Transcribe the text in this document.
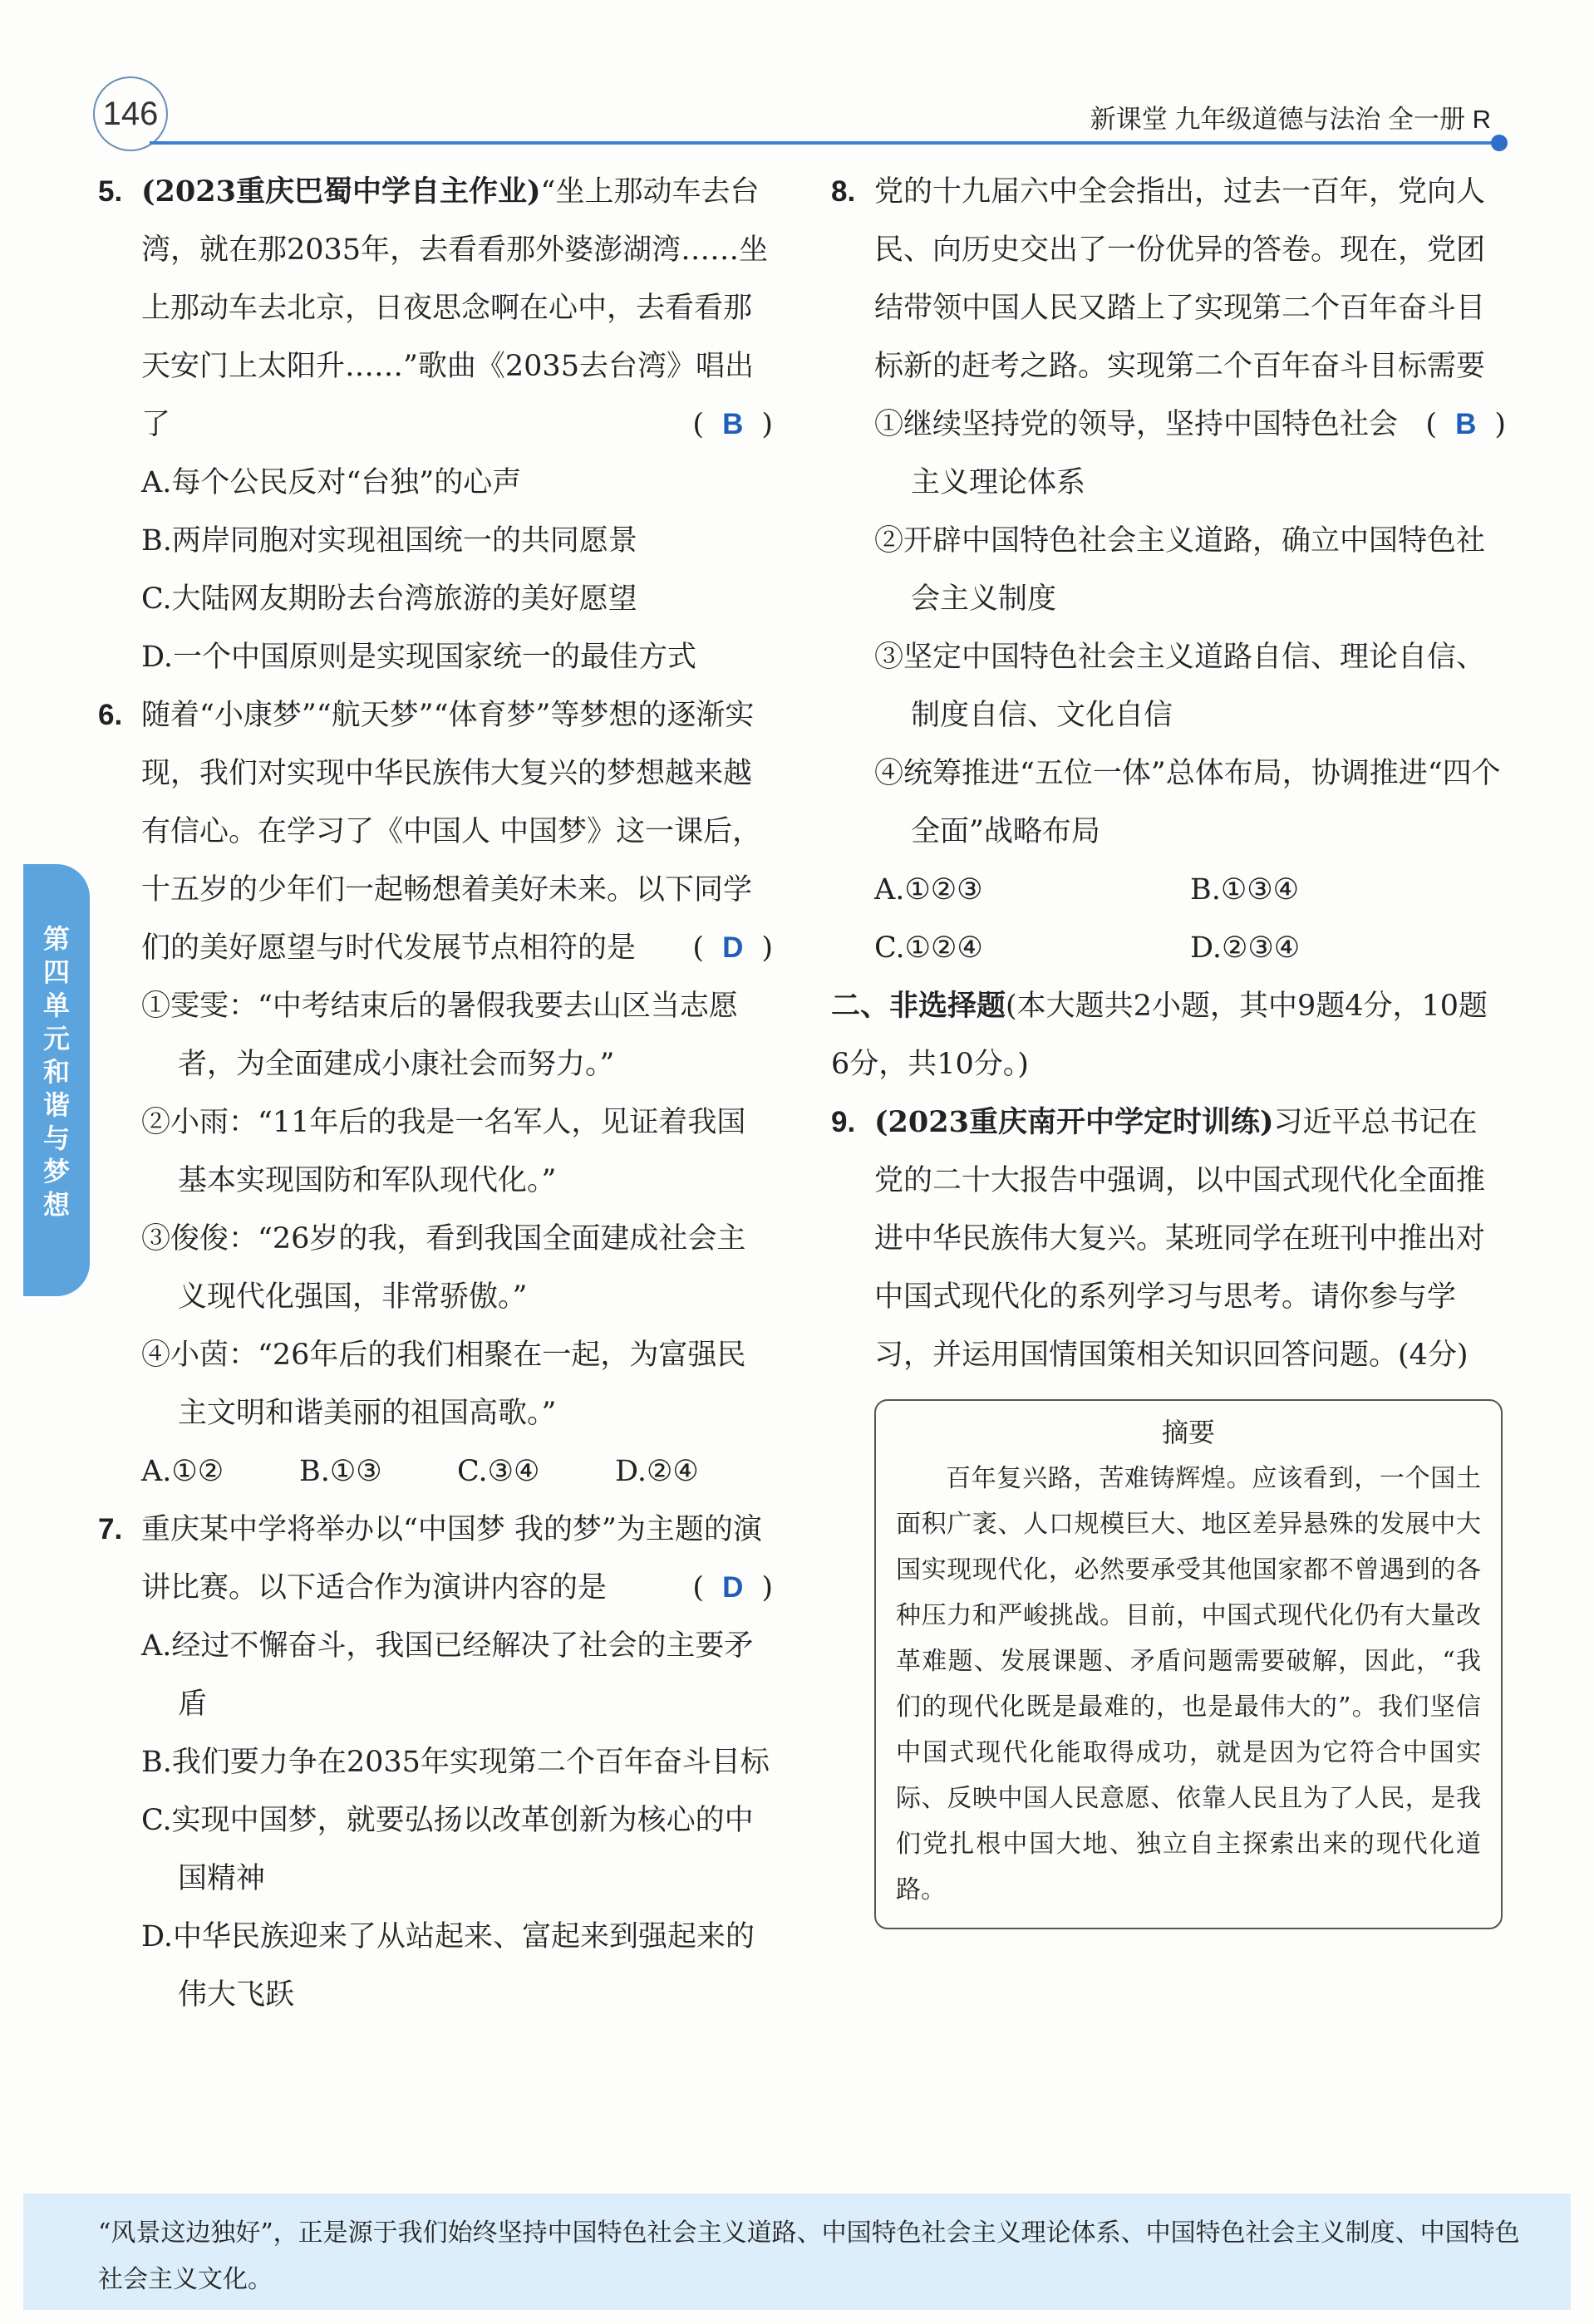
146	新课堂 九年级道德与法治 全一册 R
第四单元 和谐与梦想
5. (2023重庆巴蜀中学自主作业)“坐上那动车去台湾，就在那2035年，去看看那外婆澎湖湾……坐上那动车去北京，日夜思念啊在心中，去看看那天安门上太阳升……”歌曲《2035去台湾》唱出了	( B )
A.每个公民反对“台独”的心声
B.两岸同胞对实现祖国统一的共同愿景
C.大陆网友期盼去台湾旅游的美好愿望
D.一个中国原则是实现国家统一的最佳方式
6. 随着“小康梦”“航天梦”“体育梦”等梦想的逐渐实现，我们对实现中华民族伟大复兴的梦想越来越有信心。在学习了《中国人 中国梦》这一课后，十五岁的少年们一起畅想着美好未来。以下同学们的美好愿望与时代发展节点相符的是 ( D )
①雯雯：“中考结束后的暑假我要去山区当志愿者，为全面建成小康社会而努力。”
②小雨：“11年后的我是一名军人，见证着我国基本实现国防和军队现代化。”
③俊俊：“26岁的我，看到我国全面建成社会主义现代化强国，非常骄傲。”
④小茵：“26年后的我们相聚在一起，为富强民主文明和谐美丽的祖国高歌。”
A.①②	B.①③	C.③④	D.②④
7. 重庆某中学将举办以“中国梦 我的梦”为主题的演讲比赛。以下适合作为演讲内容的是	( D )
A.经过不懈奋斗，我国已经解决了社会的主要矛盾
B.我们要力争在2035年实现第二个百年奋斗目标
C.实现中国梦，就要弘扬以改革创新为核心的中国精神
D.中华民族迎来了从站起来、富起来到强起来的伟大飞跃
8. 党的十九届六中全会指出，过去一百年，党向人民、向历史交出了一份优异的答卷。现在，党团结带领中国人民又踏上了实现第二个百年奋斗目标新的赶考之路。实现第二个百年奋斗目标需要
( B )
①继续坚持党的领导，坚持中国特色社会主义理论体系
②开辟中国特色社会主义道路，确立中国特色社会主义制度
③坚定中国特色社会主义道路自信、理论自信、制度自信、文化自信
④统筹推进“五位一体”总体布局，协调推进“四个全面”战略布局
A.①②③	B.①③④
C.①②④	D.②③④
二、非选择题(本大题共2小题，其中9题4分，10题6分，共10分。)
9. (2023重庆南开中学定时训练)习近平总书记在党的二十大报告中强调，以中国式现代化全面推进中华民族伟大复兴。某班同学在班刊中推出对中国式现代化的系列学习与思考。请你参与学习，并运用国情国策相关知识回答问题。(4分)
摘要
百年复兴路，苦难铸辉煌。应该看到，一个国土面积广袤、人口规模巨大、地区差异悬殊的发展中大国实现现代化，必然要承受其他国家都不曾遇到的各种压力和严峻挑战。目前，中国式现代化仍有大量改革难题、发展课题、矛盾问题需要破解，因此，“我们的现代化既是最难的，也是最伟大的”。我们坚信中国式现代化能取得成功，就是因为它符合中国实际、反映中国人民意愿、依靠人民且为了人民，是我们党扎根中国大地、独立自主探索出来的现代化道路。
“风景这边独好”，正是源于我们始终坚持中国特色社会主义道路、中国特色社会主义理论体系、中国特色社会主义制度、中国特色社会主义文化。
